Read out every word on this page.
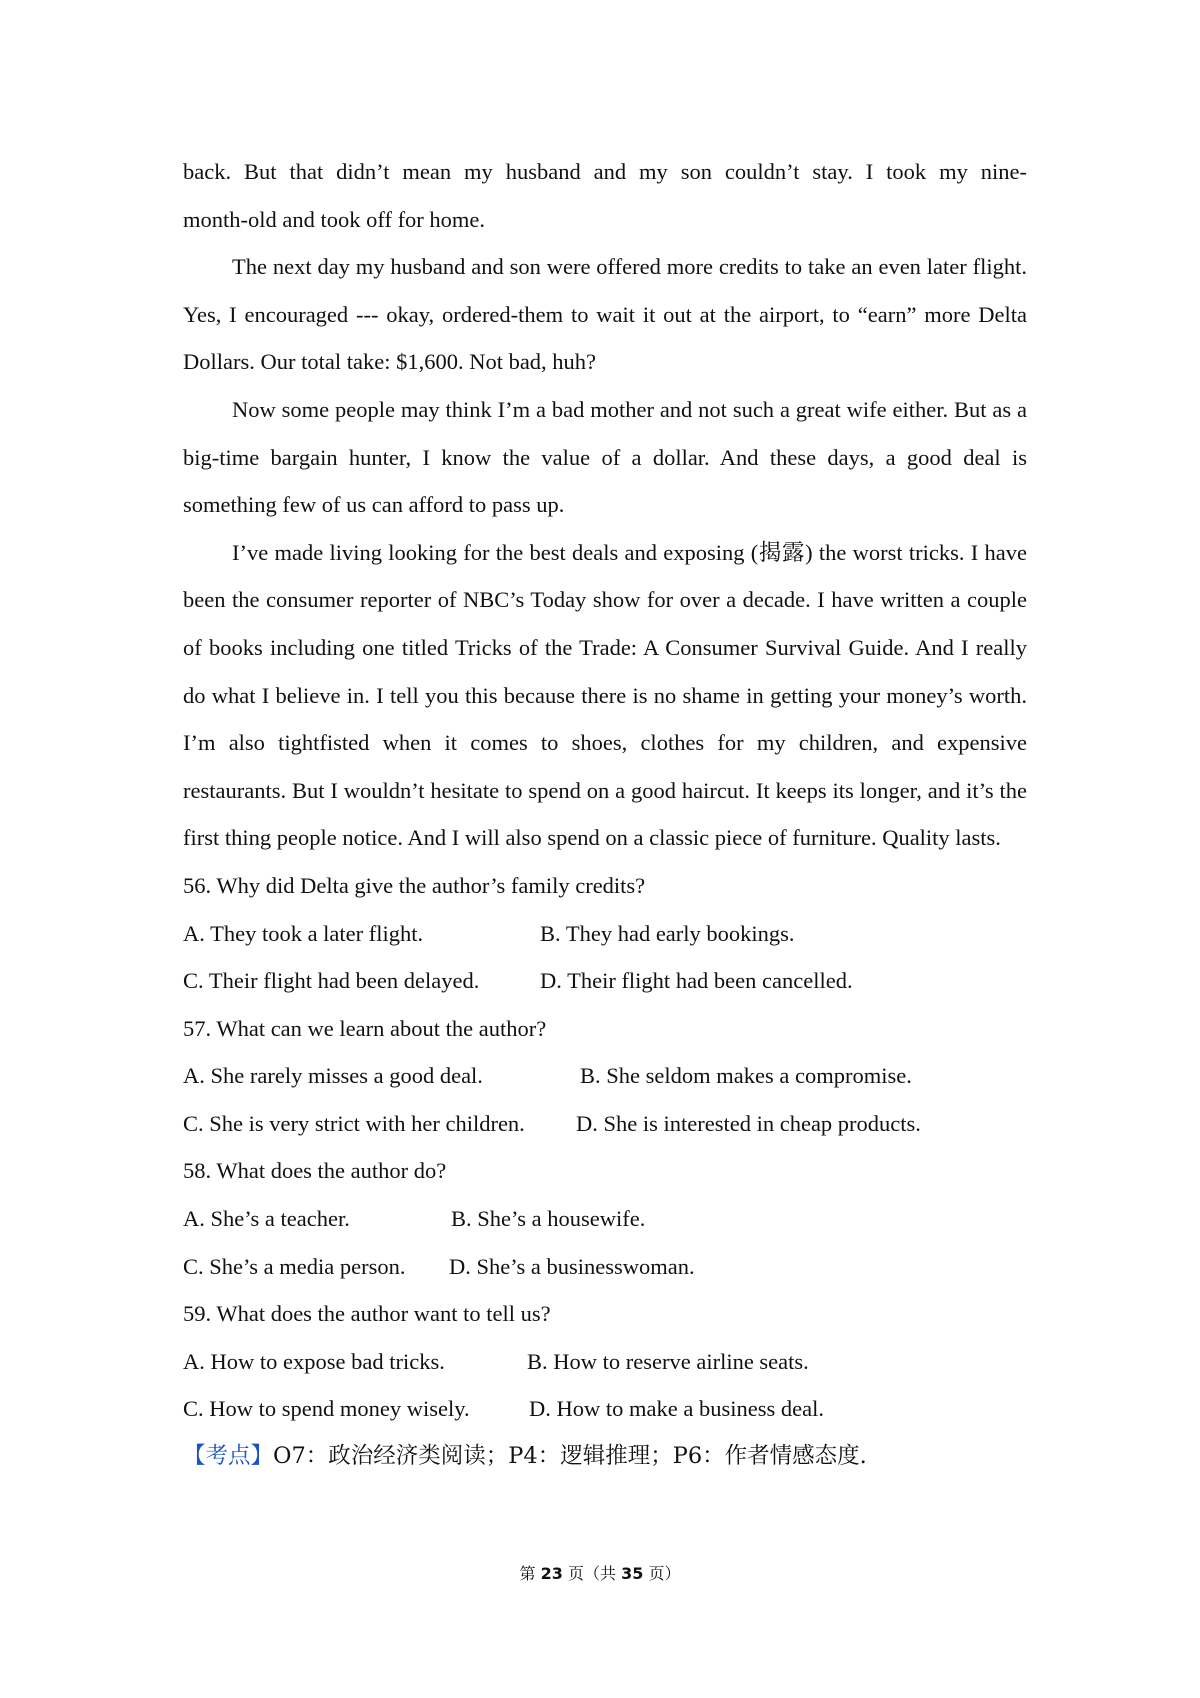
back. But that didn’t mean my husband and my son couldn’t stay. I took my nine-
month-old and took off for home.

The next day my husband and son were offered more credits to take an even later flight. Yes, I encouraged --- okay, ordered-them to wait it out at the airport, to “earn” more Delta Dollars. Our total take: $1,600. Not bad, huh?

Now some people may think I’m a bad mother and not such a great wife either. But as a big-time bargain hunter, I know the value of a dollar. And these days, a good deal is something few of us can afford to pass up.

I’ve made living looking for the best deals and exposing (揭露) the worst tricks. I have been the consumer reporter of NBC’s Today show for over a decade. I have written a couple of books including one titled Tricks of the Trade: A Consumer Survival Guide. And I really do what I believe in. I tell you this because there is no shame in getting your money’s worth. I’m also tightfisted when it comes to shoes, clothes for my children, and expensive restaurants. But I wouldn’t hesitate to spend on a good haircut. It keeps its longer, and it’s the first thing people notice. And I will also spend on a classic piece of furniture. Quality lasts.

56. Why did Delta give the author’s family credits?
A. They took a later flight.	B. They had early bookings.
C. Their flight had been delayed.	D. Their flight had been cancelled.
57. What can we learn about the author?
A. She rarely misses a good deal.	B. She seldom makes a compromise.
C. She is very strict with her children.	D. She is interested in cheap products.
58. What does the author do?
A. She’s a teacher.	B. She’s a housewife.
C. She’s a media person.	D. She’s a businesswoman.
59. What does the author want to tell us?
A. How to expose bad tricks.	B. How to reserve airline seats.
C. How to spend money wisely.	D. How to make a business deal.
【考点】O7：政治经济类阅读；P4：逻辑推理；P6：作者情感态度.
第 23 页（共 35 页）
